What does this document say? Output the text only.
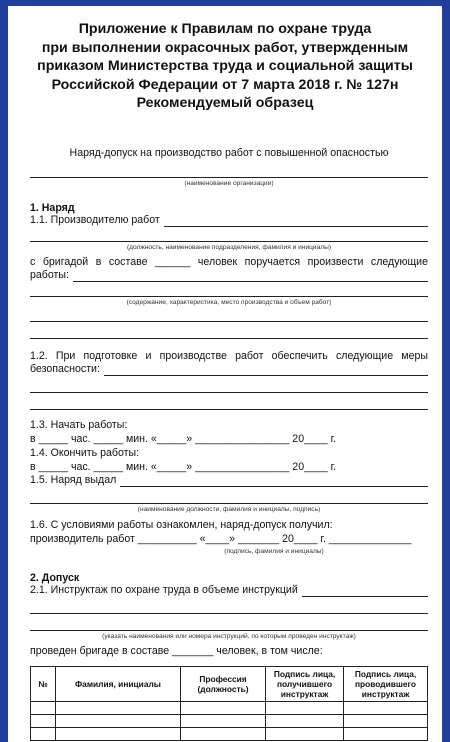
Приложение к Правилам по охране труда
при выполнении окрасочных работ, утвержденным
приказом Министерства труда и социальной защиты
Российской Федерации от 7 марта 2018 г. № 127н
Рекомендуемый образец
Наряд-допуск на производство работ с повышенной опасностью
(наименование организации)
1. Наряд
1.1. Производителю работ
(должность, наименование подразделения, фамилия и инициалы)
с бригадой в составе ______ человек поручается произвести следующие
работы:
(содержание, характеристика, место производства и объем работ)
1.2. При подготовке и производстве работ обеспечить следующие меры
безопасности:
1.3. Начать работы:
в _____ час. _____ мин. «_____» ________________ 20____ г.
1.4. Окончить работы:
в _____ час. _____ мин. «_____» ________________ 20____ г.
1.5. Наряд выдал
(наименование должности, фамилия и инициалы, подпись)
1.6. С условиями работы ознакомлен, наряд-допуск получил:
производитель работ __________ «____» _______ 20____ г. ______________
(подпись, фамилия и инициалы)
2. Допуск
2.1. Инструктаж по охране труда в объеме инструкций
(указать наименования или номера инструкций, по которым проведен инструктаж)
проведен бригаде в составе _______ человек, в том числе:
№	Фамилия, инициалы	Профессия (должность)	Подпись лица, получившего инструктаж	Подпись лица, проводившего инструктаж
